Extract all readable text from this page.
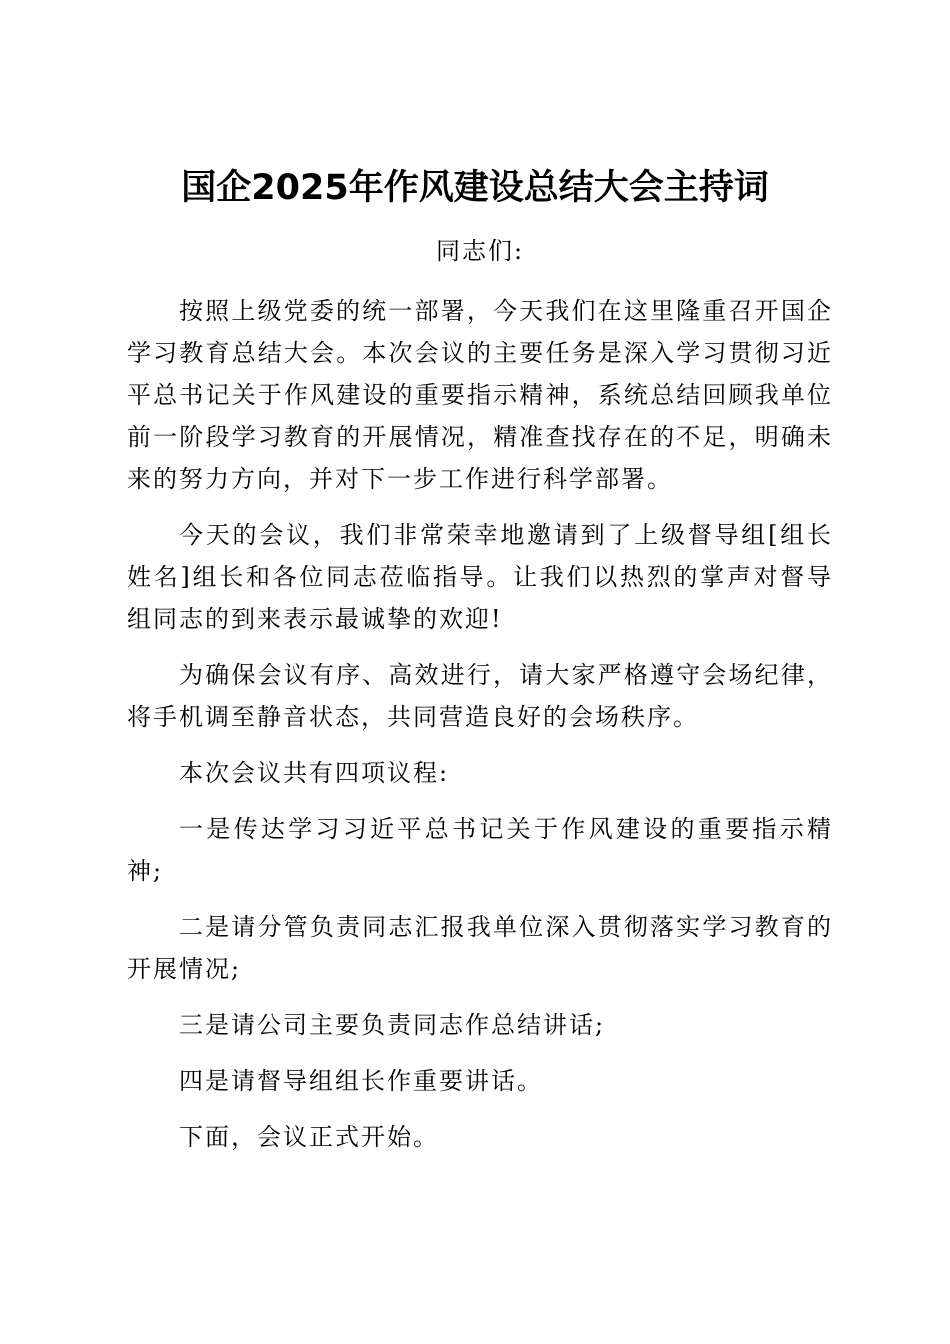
国企2025年作风建设总结大会主持词

同志们:

按照上级党委的统一部署，今天我们在这里隆重召开国企学习教育总结大会。本次会议的主要任务是深入学习贯彻习近平总书记关于作风建设的重要指示精神，系统总结回顾我单位前一阶段学习教育的开展情况，精准查找存在的不足，明确未来的努力方向，并对下一步工作进行科学部署。

今天的会议，我们非常荣幸地邀请到了上级督导组[组长姓名]组长和各位同志莅临指导。让我们以热烈的掌声对督导组同志的到来表示最诚挚的欢迎!

为确保会议有序、高效进行，请大家严格遵守会场纪律，将手机调至静音状态，共同营造良好的会场秩序。

本次会议共有四项议程:

一是传达学习习近平总书记关于作风建设的重要指示精神;

二是请分管负责同志汇报我单位深入贯彻落实学习教育的开展情况;

三是请公司主要负责同志作总结讲话;

四是请督导组组长作重要讲话。

下面，会议正式开始。
